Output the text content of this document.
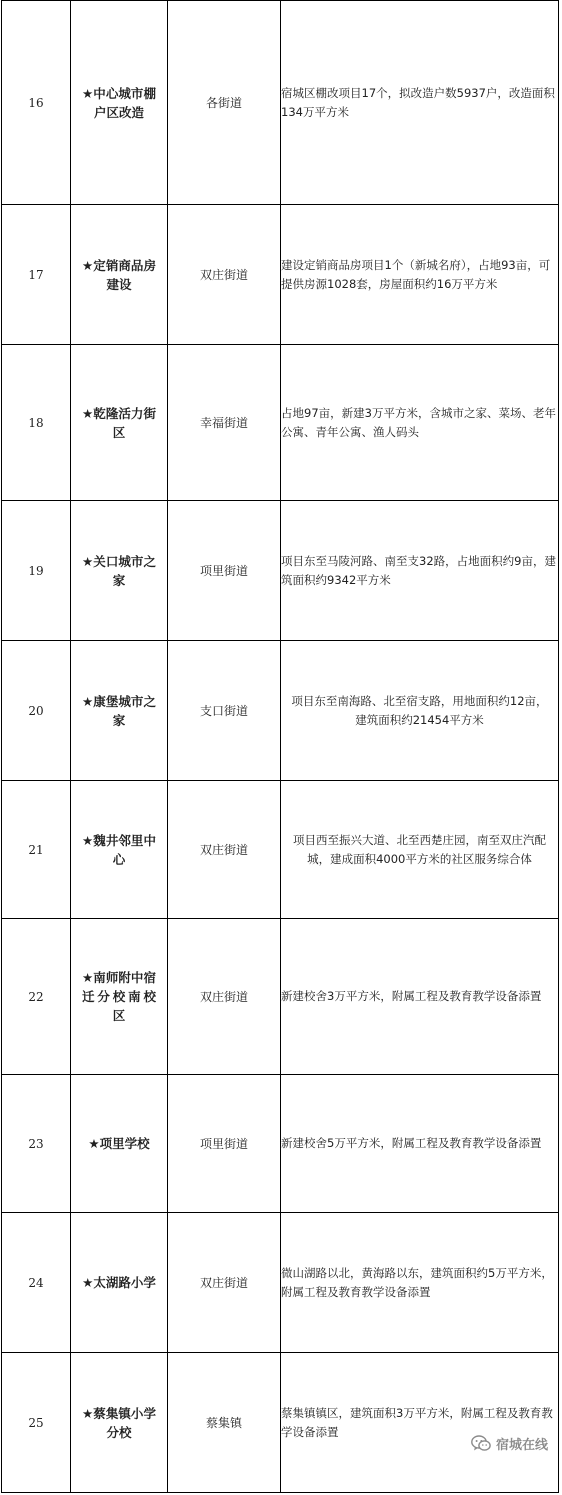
16	★中心城市棚户区改造	各街道	宿城区棚改项目17个，拟改造户数5937户，改造面积134万平方米
17	★定销商品房建设	双庄街道	建设定销商品房项目1个（新城名府），占地93亩，可提供房源1028套，房屋面积约16万平方米
18	★乾隆活力街区	幸福街道	占地97亩，新建3万平方米，含城市之家、菜场、老年公寓、青年公寓、渔人码头
19	★关口城市之家	项里街道	项目东至马陵河路、南至支32路，占地面积约9亩，建筑面积约9342平方米
20	★康堡城市之家	支口街道	项目东至南海路、北至宿支路，用地面积约12亩，建筑面积约21454平方米
21	★魏井邻里中心	双庄街道	项目西至振兴大道、北至西楚庄园，南至双庄汽配城，建成面积4000平方米的社区服务综合体
22	★南师附中宿迁分校南校区	双庄街道	新建校舍3万平方米，附属工程及教育教学设备添置
23	★项里学校	项里街道	新建校舍5万平方米，附属工程及教育教学设备添置
24	★太湖路小学	双庄街道	微山湖路以北，黄海路以东，建筑面积约5万平方米，附属工程及教育教学设备添置
25	★蔡集镇小学分校	蔡集镇	蔡集镇镇区，建筑面积3万平方米，附属工程及教育教学设备添置
宿城在线
